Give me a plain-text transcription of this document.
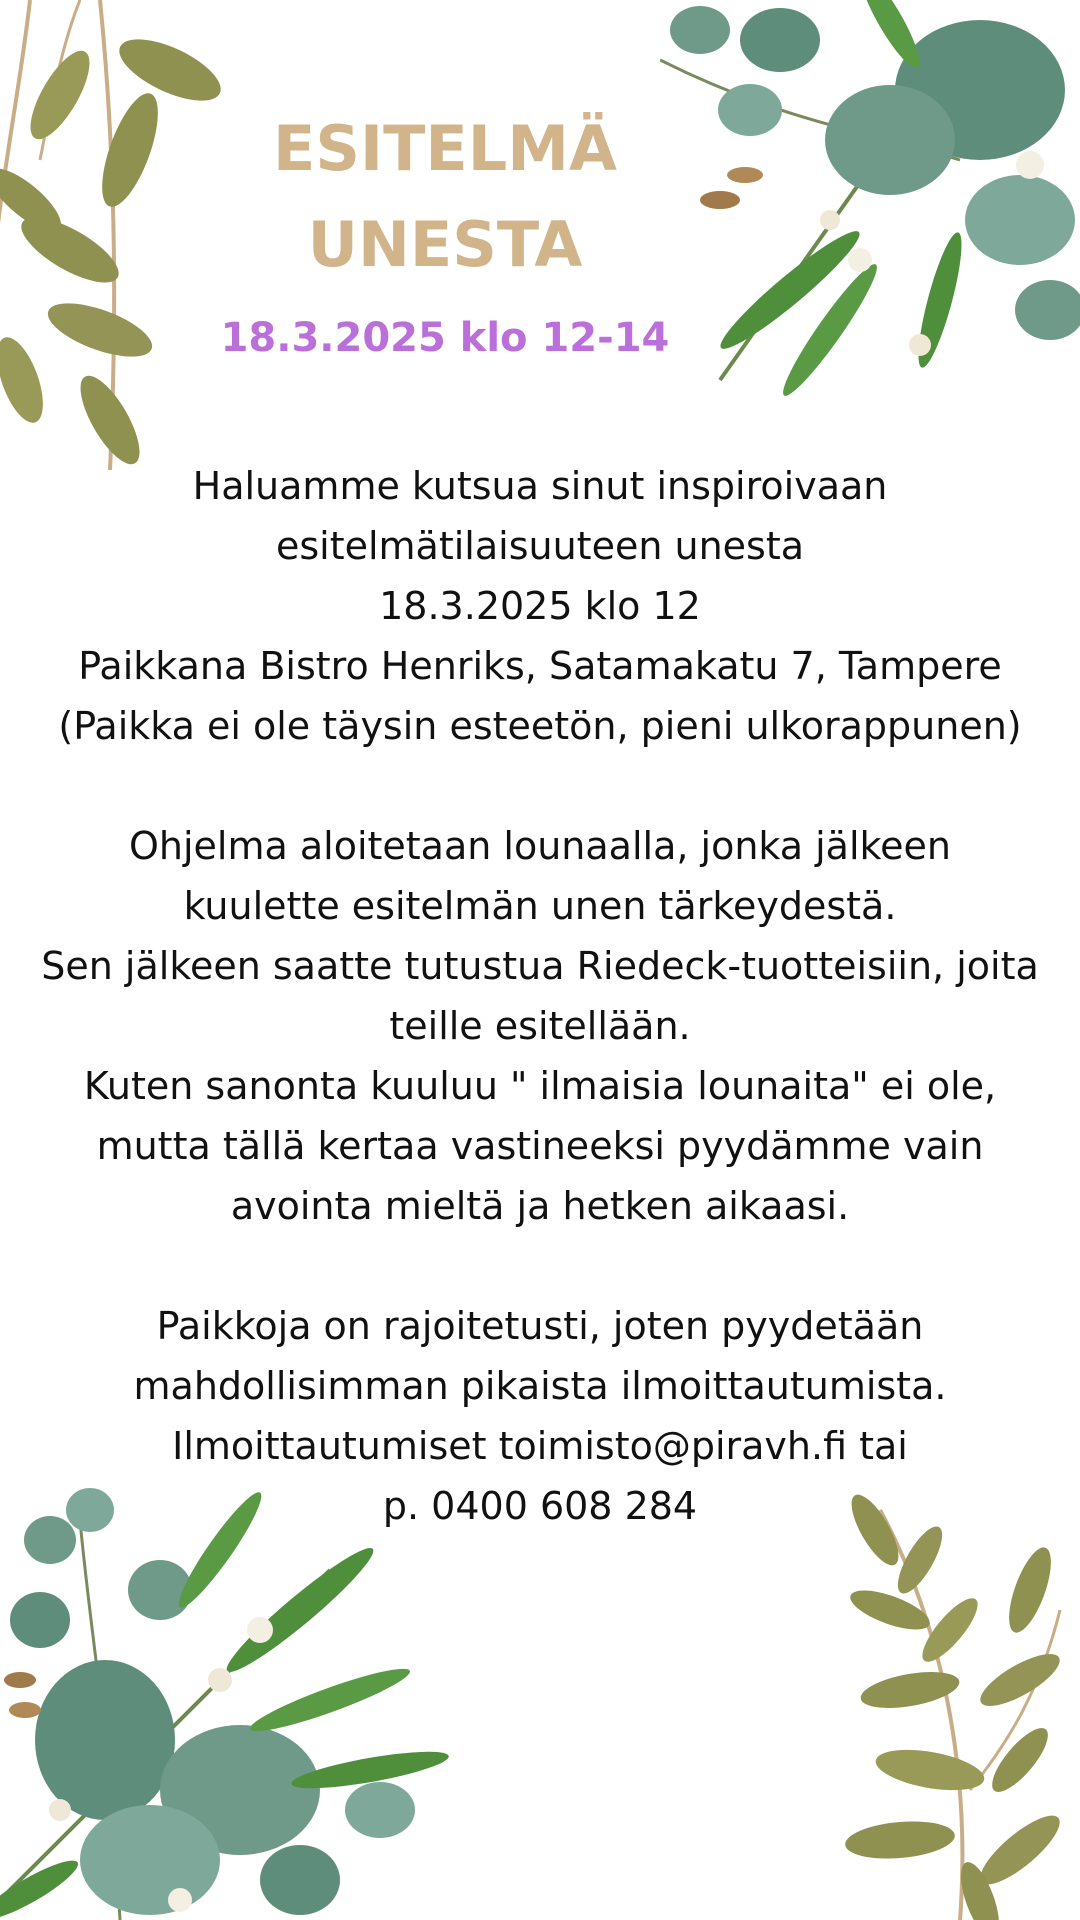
ESITELMÄ
UNESTA
18.3.2025 klo 12-14
Haluamme kutsua sinut inspiroivaan
esitelmätilaisuuteen unesta
18.3.2025 klo 12
Paikkana Bistro Henriks, Satamakatu 7, Tampere
(Paikka ei ole täysin esteetön, pieni ulkorappunen)
Ohjelma aloitetaan lounaalla, jonka jälkeen
kuulette esitelmän unen tärkeydestä.
Sen jälkeen saatte tutustua Riedeck-tuotteisiin, joita
teille esitellään.
Kuten sanonta kuuluu " ilmaisia lounaita" ei ole,
mutta tällä kertaa vastineeksi pyydämme vain
avointa mieltä ja hetken aikaasi.
Paikkoja on rajoitetusti, joten pyydetään
mahdollisimman pikaista ilmoittautumista.
Ilmoittautumiset toimisto@piravh.fi tai
p. 0400 608 284
